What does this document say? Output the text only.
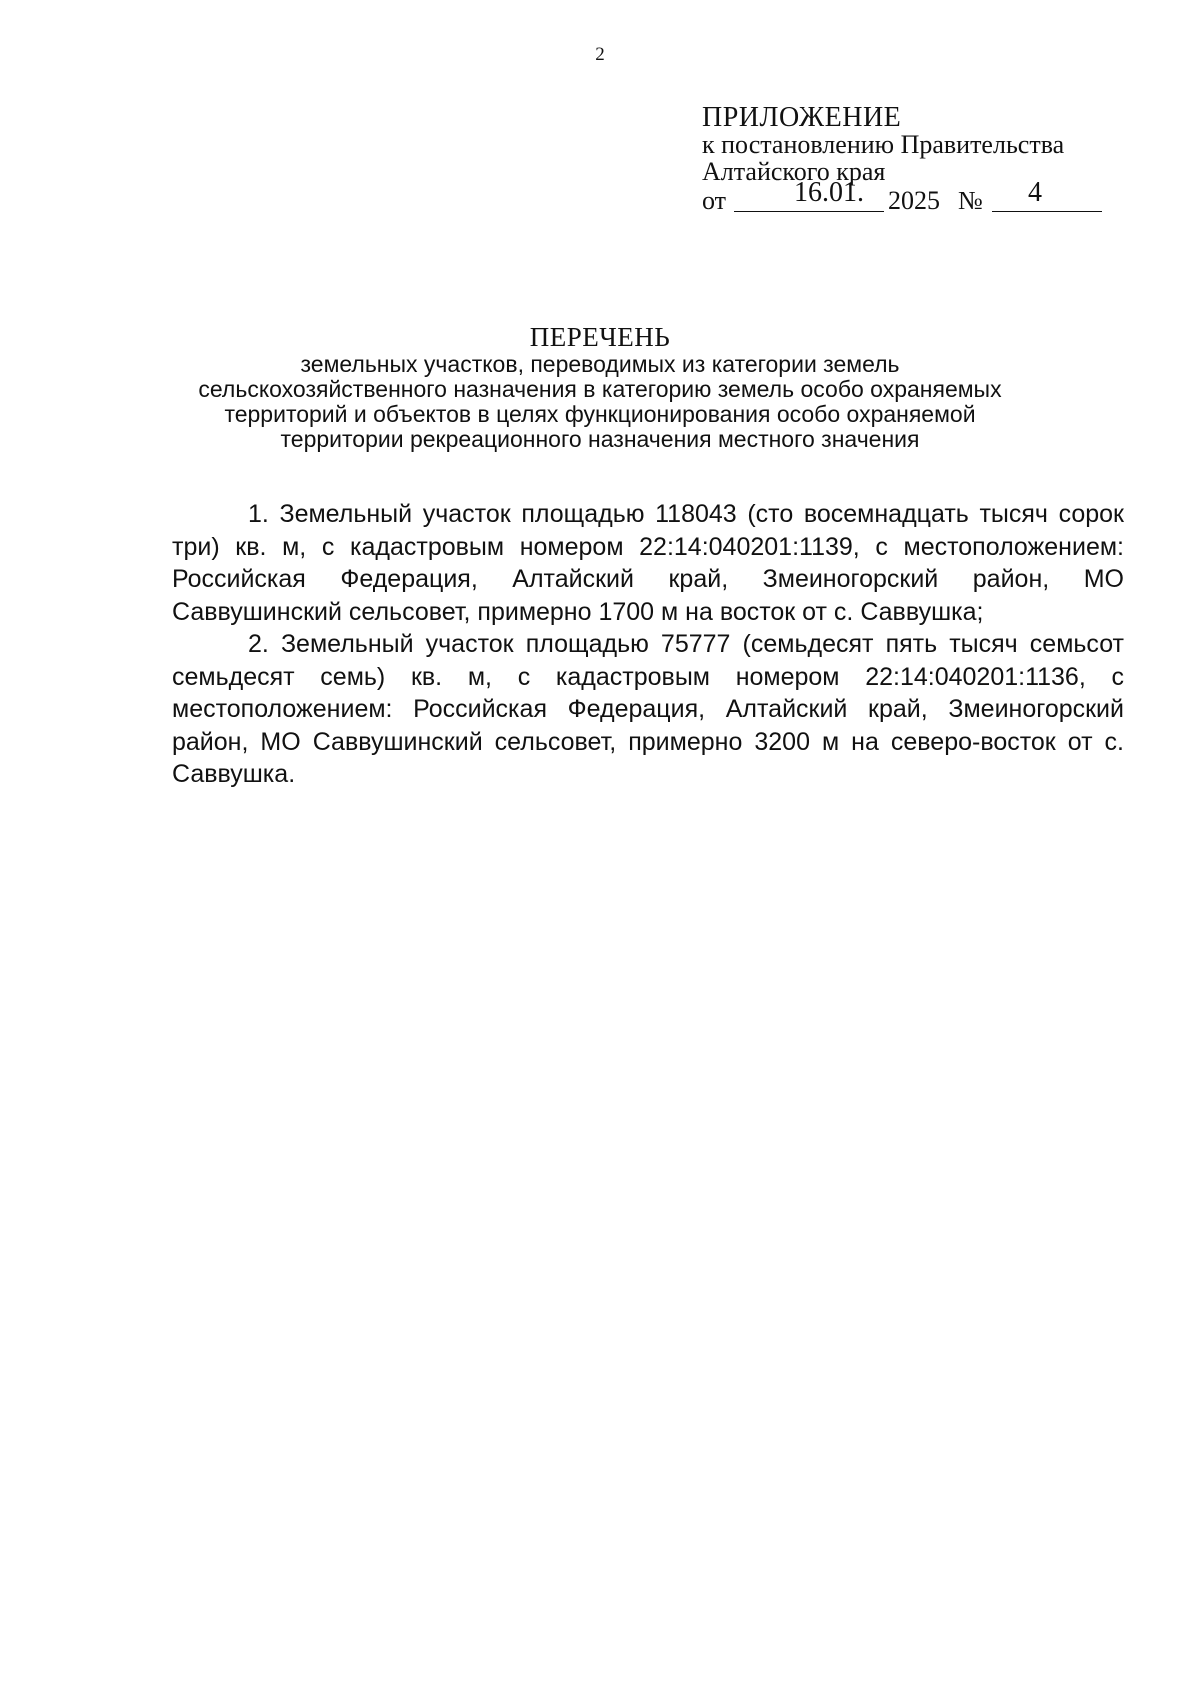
2
ПРИЛОЖЕНИЕ
к постановлению Правительства
Алтайского края
от 16.01. 2025 № 4
ПЕРЕЧЕНЬ
земельных участков, переводимых из категории земель
сельскохозяйственного назначения в категорию земель особо охраняемых
территорий и объектов в целях функционирования особо охраняемой
территории рекреационного назначения местного значения

1. Земельный участок площадью 118043 (сто восемнадцать тысяч сорок три) кв. м, с кадастровым номером 22:14:040201:1139, с местоположением: Российская Федерация, Алтайский край, Змеиногорский район, МО Саввушинский сельсовет, примерно 1700 м на восток от с. Саввушка;

2. Земельный участок площадью 75777 (семьдесят пять тысяч семьсот семьдесят семь) кв. м, с кадастровым номером 22:14:040201:1136, с местоположением: Российская Федерация, Алтайский край, Змеиногорский район, МО Саввушинский сельсовет, примерно 3200 м на северо-восток от с. Саввушка.
